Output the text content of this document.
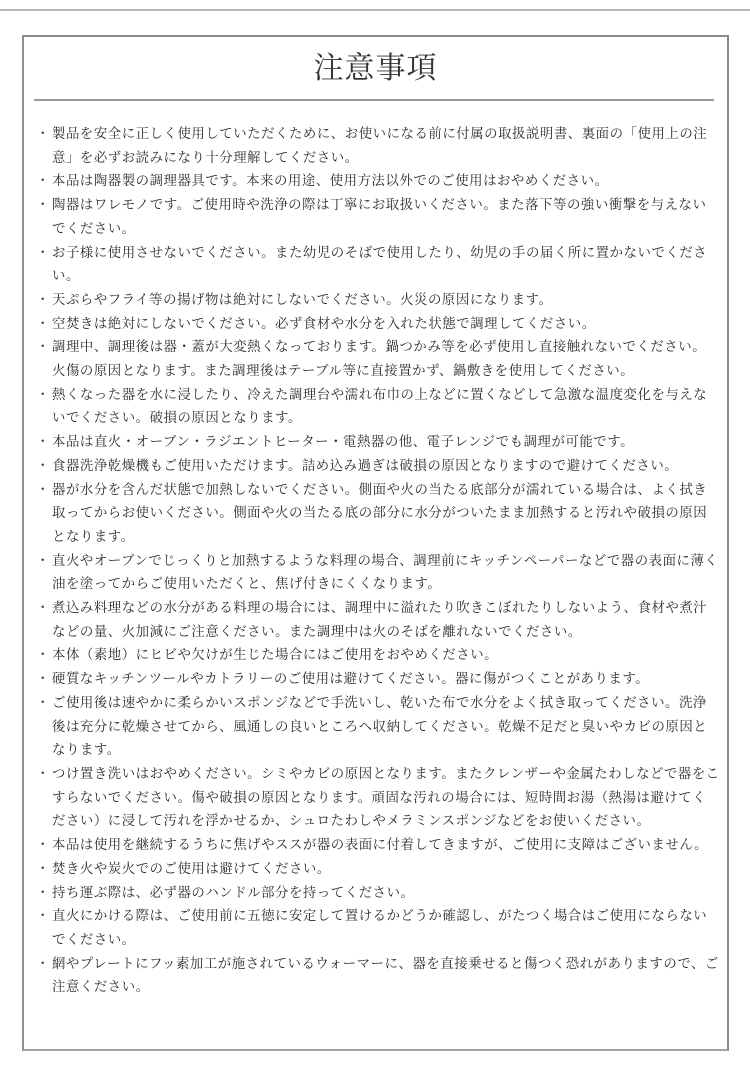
注意事項
・ 製品を安全に正しく使用していただくために、お使いになる前に付属の取扱説明書、裏面の「使用上の注意」を必ずお読みになり十分理解してください。
・ 本品は陶器製の調理器具です。本来の用途、使用方法以外でのご使用はおやめください。
・ 陶器はワレモノです。ご使用時や洗浄の際は丁寧にお取扱いください。また落下等の強い衝撃を与えないでください。
・ お子様に使用させないでください。また幼児のそばで使用したり、幼児の手の届く所に置かないでください。
・ 天ぷらやフライ等の揚げ物は絶対にしないでください。火災の原因になります。
・ 空焚きは絶対にしないでください。必ず食材や水分を入れた状態で調理してください。
・ 調理中、調理後は器・蓋が大変熱くなっております。鍋つかみ等を必ず使用し直接触れないでください。火傷の原因となります。また調理後はテーブル等に直接置かず、鍋敷きを使用してください。
・ 熱くなった器を水に浸したり、冷えた調理台や濡れ布巾の上などに置くなどして急激な温度変化を与えないでください。破損の原因となります。
・ 本品は直火・オーブン・ラジエントヒーター・電熱器の他、電子レンジでも調理が可能です。
・ 食器洗浄乾燥機もご使用いただけます。詰め込み過ぎは破損の原因となりますので避けてください。
・ 器が水分を含んだ状態で加熱しないでください。側面や火の当たる底部分が濡れている場合は、よく拭き取ってからお使いください。側面や火の当たる底の部分に水分がついたまま加熱すると汚れや破損の原因となります。
・ 直火やオーブンでじっくりと加熱するような料理の場合、調理前にキッチンペーパーなどで器の表面に薄く油を塗ってからご使用いただくと、焦げ付きにくくなります。
・ 煮込み料理などの水分がある料理の場合には、調理中に溢れたり吹きこぼれたりしないよう、食材や煮汁などの量、火加減にご注意ください。また調理中は火のそばを離れないでください。
・ 本体（素地）にヒビや欠けが生じた場合にはご使用をおやめください。
・ 硬質なキッチンツールやカトラリーのご使用は避けてください。器に傷がつくことがあります。
・ ご使用後は速やかに柔らかいスポンジなどで手洗いし、乾いた布で水分をよく拭き取ってください。洗浄後は充分に乾燥させてから、風通しの良いところへ収納してください。乾燥不足だと臭いやカビの原因となります。
・ つけ置き洗いはおやめください。シミやカビの原因となります。またクレンザーや金属たわしなどで器をこすらないでください。傷や破損の原因となります。頑固な汚れの場合には、短時間お湯（熱湯は避けてください）に浸して汚れを浮かせるか、シュロたわしやメラミンスポンジなどをお使いください。
・ 本品は使用を継続するうちに焦げやススが器の表面に付着してきますが、ご使用に支障はございません。
・ 焚き火や炭火でのご使用は避けてください。
・ 持ち運ぶ際は、必ず器のハンドル部分を持ってください。
・ 直火にかける際は、ご使用前に五徳に安定して置けるかどうか確認し、がたつく場合はご使用にならないでください。
・ 網やプレートにフッ素加工が施されているウォーマーに、器を直接乗せると傷つく恐れがありますので、ご注意ください。
